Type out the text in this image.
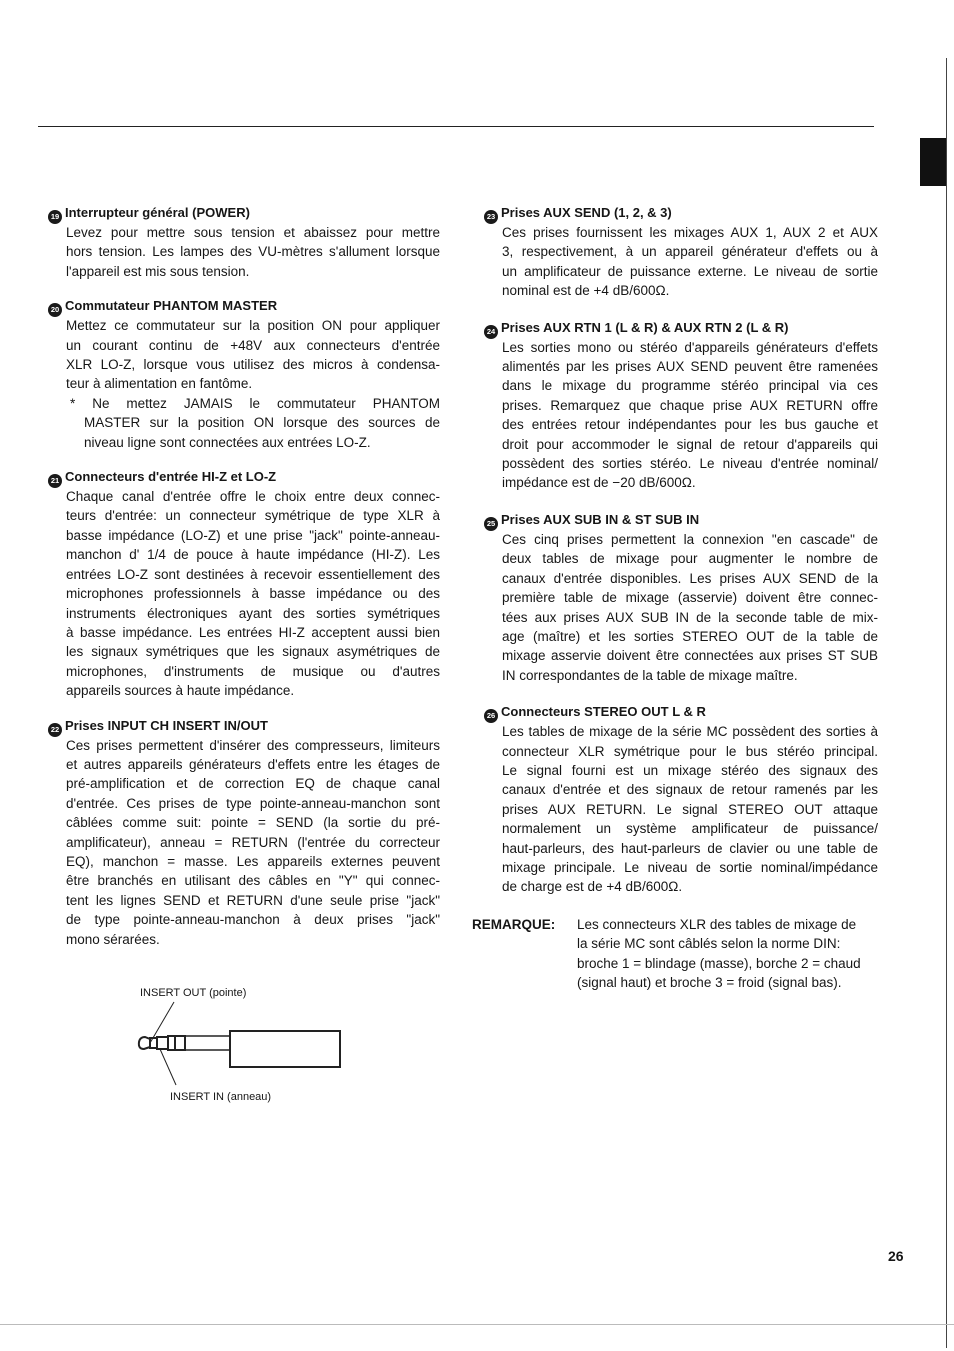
19 Interrupteur général (POWER)
Levez pour mettre sous tension et abaissez pour mettre
hors tension. Les lampes des VU-mètres s'allument lorsque
l'appareil est mis sous tension.
20 Commutateur PHANTOM MASTER
Mettez ce commutateur sur la position ON pour appliquer
un courant continu de +48V aux connecteurs d'entrée
XLR LO-Z, lorsque vous utilisez des micros à condensa-
teur à alimentation en fantôme.
* Ne mettez JAMAIS le commutateur PHANTOM
MASTER sur la position ON lorsque des sources de
niveau ligne sont connectées aux entrées LO-Z.
21 Connecteurs d'entrée HI-Z et LO-Z
Chaque canal d'entrée offre le choix entre deux connec-
teurs d'entrée: un connecteur symétrique de type XLR à
basse impédance (LO-Z) et une prise "jack" pointe-anneau-
manchon d' 1/4 de pouce à haute impédance (HI-Z). Les
entrées LO-Z sont destinées à recevoir essentiellement des
microphones professionnels à basse impédance ou des
instruments électroniques ayant des sorties symétriques
à basse impédance. Les entrées HI-Z acceptent aussi bien
les signaux symétriques que les signaux asymétriques de
microphones, d'instruments de musique ou d'autres
appareils sources à haute impédance.
22 Prises INPUT CH INSERT IN/OUT
Ces prises permettent d'insérer des compresseurs, limiteurs
et autres appareils générateurs d'effets entre les étages de
pré-amplification et de correction EQ de chaque canal
d'entrée. Ces prises de type pointe-anneau-manchon sont
câblées comme suit: pointe = SEND (la sortie du pré-
amplificateur), anneau = RETURN (l'entrée du correcteur
EQ), manchon = masse. Les appareils externes peuvent
être branchés en utilisant des câbles en "Y" qui connec-
tent les lignes SEND et RETURN d'une seule prise "jack"
de type pointe-anneau-manchon à deux prises "jack"
mono sérarées.
23 Prises AUX SEND (1, 2, & 3)
Ces prises fournissent les mixages AUX 1, AUX 2 et AUX
3, respectivement, à un appareil générateur d'effets ou à
un amplificateur de puissance externe. Le niveau de sortie
nominal est de +4 dB/600Ω.
24 Prises AUX RTN 1 (L & R) & AUX RTN 2 (L & R)
Les sorties mono ou stéréo d'appareils générateurs d'effets
alimentés par les prises AUX SEND peuvent être ramenées
dans le mixage du programme stéréo principal via ces
prises. Remarquez que chaque prise AUX RETURN offre
des entrées retour indépendantes pour les bus gauche et
droit pour accommoder le signal de retour d'appareils qui
possèdent des sorties stéréo. Le niveau d'entrée nominal/
impédance est de −20 dB/600Ω.
25 Prises AUX SUB IN & ST SUB IN
Ces cinq prises permettent la connexion "en cascade" de
deux tables de mixage pour augmenter le nombre de
canaux d'entrée disponibles. Les prises AUX SEND de la
première table de mixage (asservie) doivent être connec-
tées aux prises AUX SUB IN de la seconde table de mix-
age (maître) et les sorties STEREO OUT de la table de
mixage asservie doivent être connectées aux prises ST SUB
IN correspondantes de la table de mixage maître.
26 Connecteurs STEREO OUT L & R
Les tables de mixage de la série MC possèdent des sorties à
connecteur XLR symétrique pour le bus stéréo principal.
Le signal fourni est un mixage stéréo des signaux des
canaux d'entrée et des signaux de retour ramenés par les
prises AUX RETURN. Le signal STEREO OUT attaque
normalement un système amplificateur de puissance/
haut-parleurs, des haut-parleurs de clavier ou une table de
mixage principale. Le niveau de sortie nominal/impédance
de charge est de +4 dB/600Ω.
REMARQUE: Les connecteurs XLR des tables de mixage de
la série MC sont câblés selon la norme DIN:
broche 1 = blindage (masse), borche 2 = chaud
(signal haut) et broche 3 = froid (signal bas).
INSERT OUT (pointe)
INSERT IN (anneau)
26
